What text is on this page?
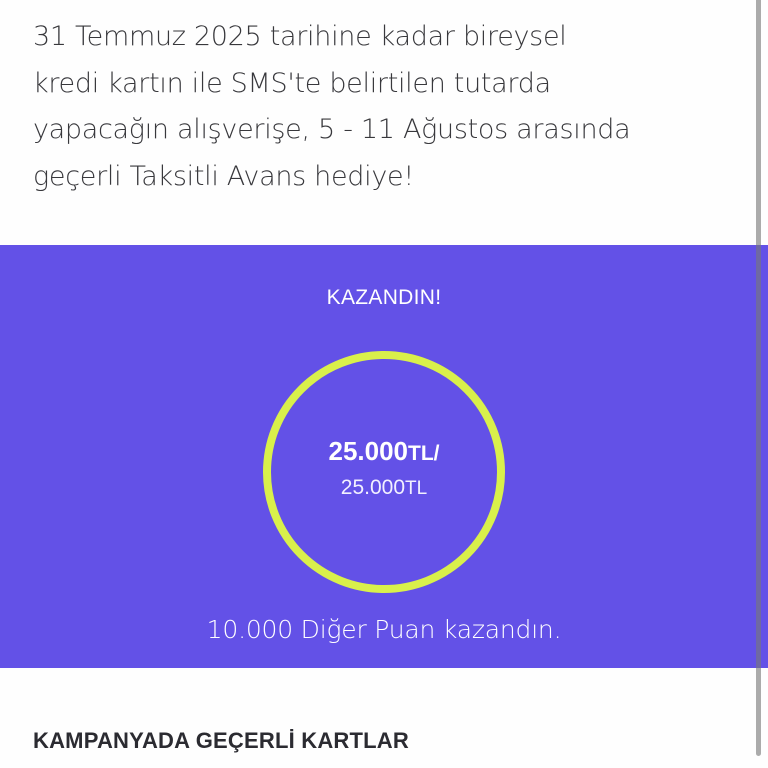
31 Temmuz 2025 tarihine kadar bireysel
kredi kartın ile SMS'te belirtilen tutarda
yapacağın alışverişe, 5 - 11 Ağustos arasında
geçerli Taksitli Avans hediye!
KAZANDIN!
25.000TL/
25.000TL
10.000 Diğer Puan kazandın.
KAMPANYADA GEÇERLİ KARTLAR
